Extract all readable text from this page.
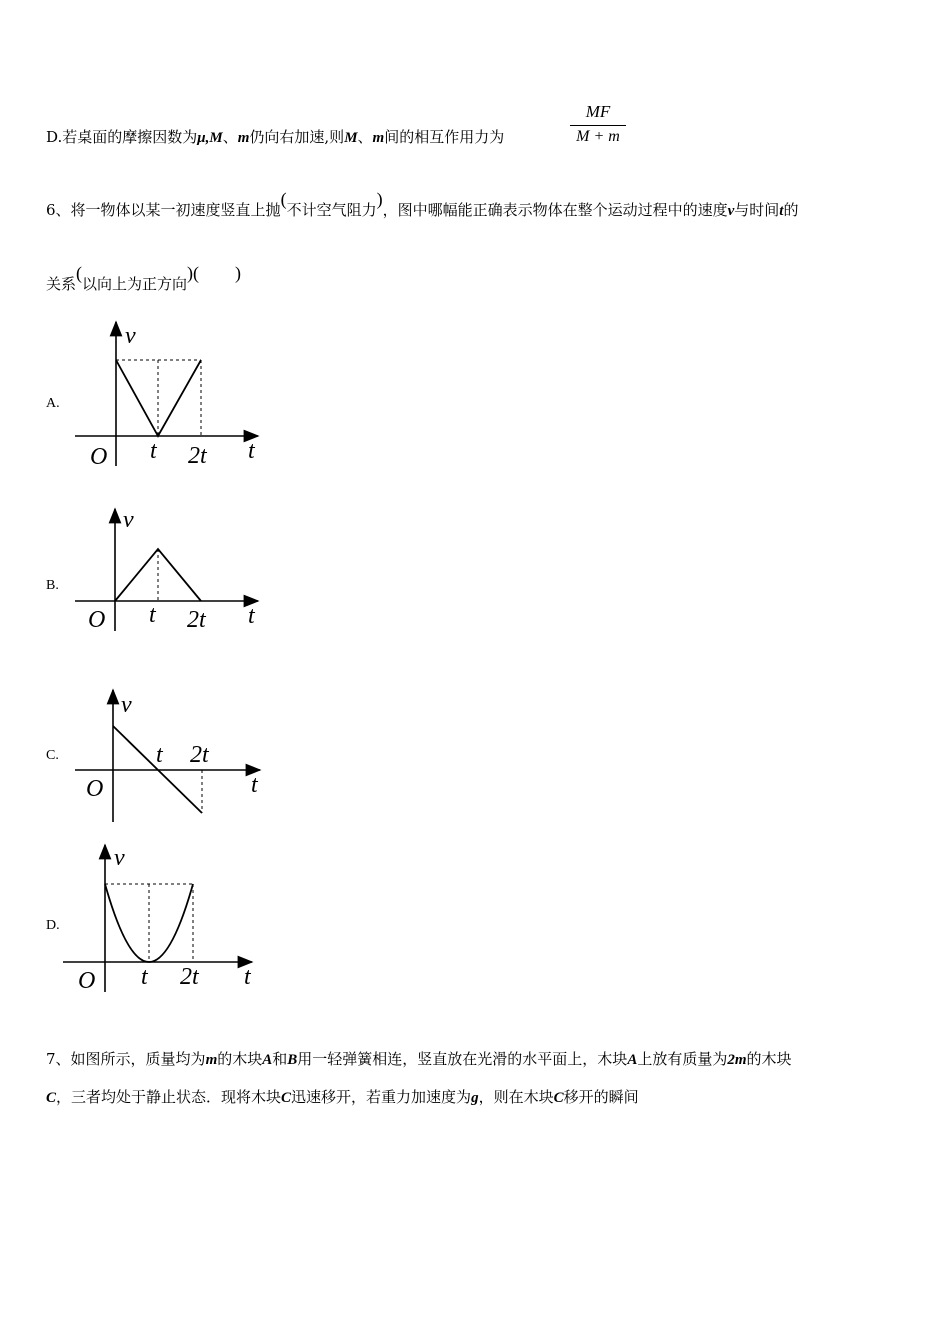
D.若桌面的摩擦因数为μ,M、m仍向右加速,则M、m间的相互作用力为
MF
M + m
6、将一物体以某一初速度竖直上抛(不计空气阻力)，图中哪幅能正确表示物体在整个运动过程中的速度v与时间t的
关系(以向上为正方向)(　　)
A.
v
t
O t 2t
B.
v
t
O t 2t
C.
v
t
O
t 2t
D.
v
t
O t 2t
7、如图所示，质量均为m的木块A和B用一轻弹簧相连，竖直放在光滑的水平面上，木块A上放有质量为2m的木块
C，三者均处于静止状态．现将木块C迅速移开，若重力加速度为g，则在木块C移开的瞬间
